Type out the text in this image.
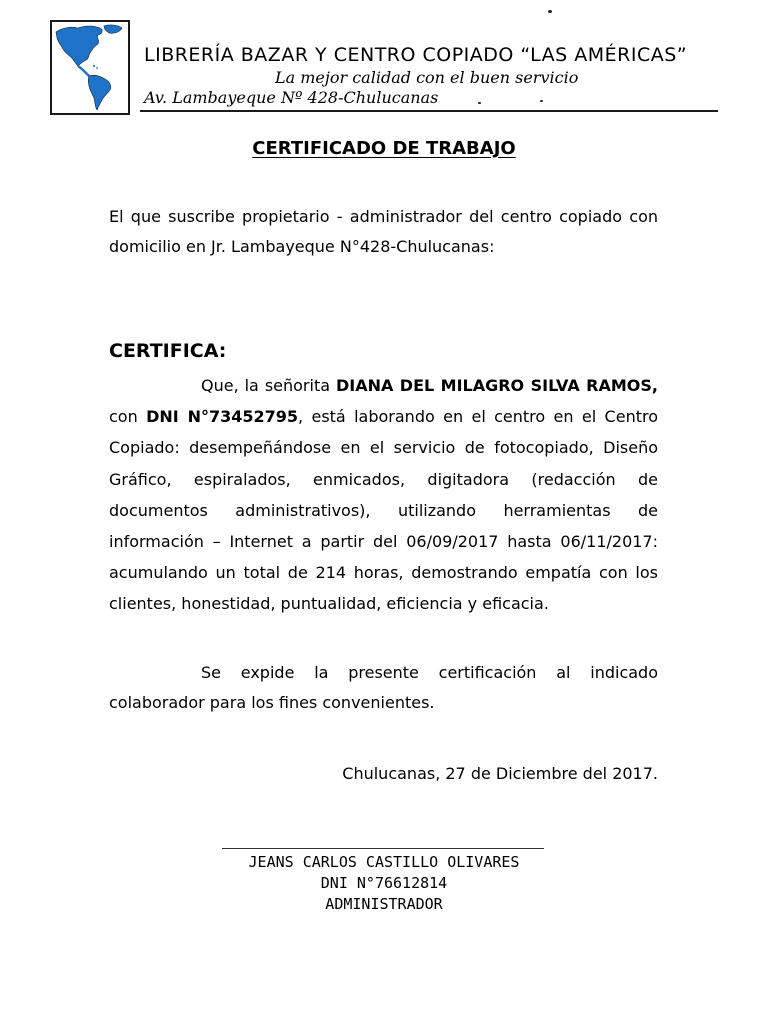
LIBRERÍA BAZAR Y CENTRO COPIADO “LAS AMÉRICAS”
La mejor calidad con el buen servicio
Av. Lambayeque Nº 428-Chulucanas
CERTIFICADO DE TRABAJO

El que suscribe propietario - administrador del centro copiado con domicilio en Jr. Lambayeque N°428-Chulucanas:

CERTIFICA:

Que, la señorita DIANA DEL MILAGRO SILVA RAMOS, con DNI N°73452795, está laborando en el centro en el Centro Copiado: desempeñándose en el servicio de fotocopiado, Diseño Gráfico, espiralados, enmicados, digitadora (redacción de documentos administrativos), utilizando herramientas de información – Internet a partir del 06/09/2017 hasta 06/11/2017: acumulando un total de 214 horas, demostrando empatía con los clientes, honestidad, puntualidad, eficiencia y eficacia.

Se expide la presente certificación al indicado colaborador para los fines convenientes.

Chulucanas, 27 de Diciembre del 2017.
JEANS CARLOS CASTILLO OLIVARES
DNI N°76612814
ADMINISTRADOR
